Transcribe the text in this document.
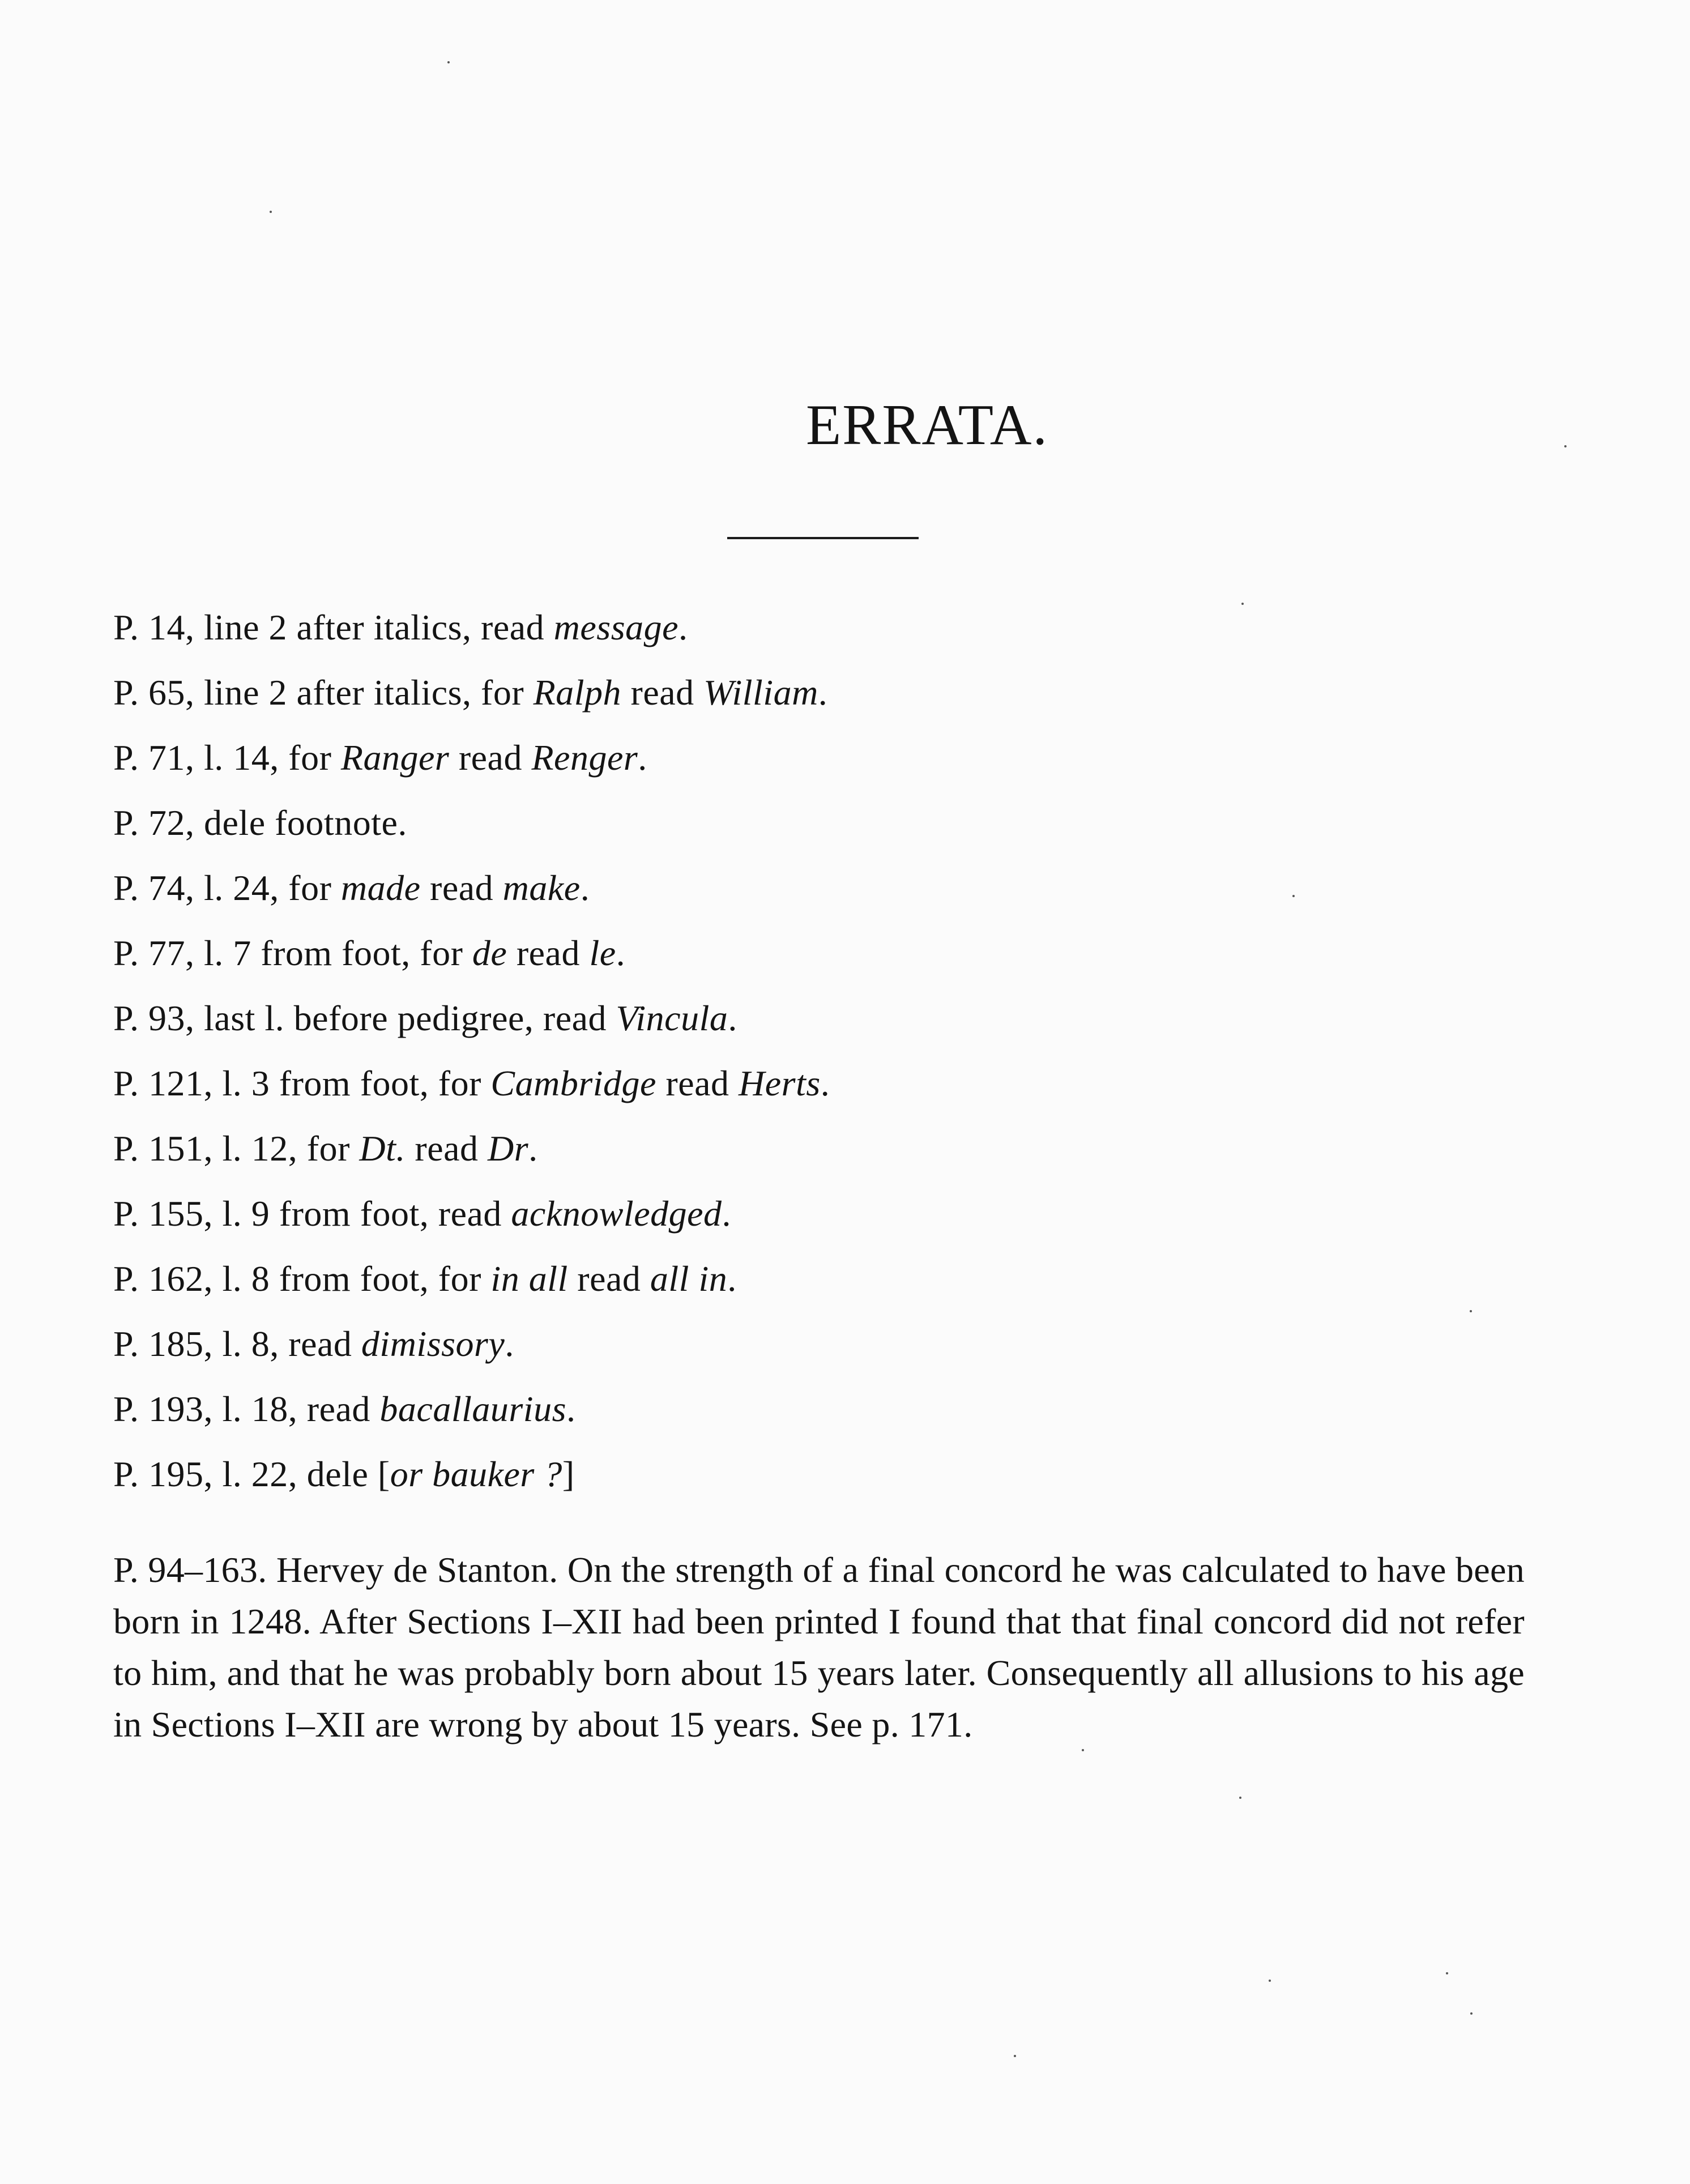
ERRATA.
P. 14, line 2 after italics, read message.
P. 65, line 2 after italics, for Ralph read William.
P. 71, l. 14, for Ranger read Renger.
P. 72, dele footnote.
P. 74, l. 24, for made read make.
P. 77, l. 7 from foot, for de read le.
P. 93, last l. before pedigree, read Vincula.
P. 121, l. 3 from foot, for Cambridge read Herts.
P. 151, l. 12, for Dt. read Dr.
P. 155, l. 9 from foot, read acknowledged.
P. 162, l. 8 from foot, for in all read all in.
P. 185, l. 8, read dimissory.
P. 193, l. 18, read bacallaurius.
P. 195, l. 22, dele [or bauker ?]

P. 94–163. Hervey de Stanton. On the strength of a final concord he was calculated to have been born in 1248. After Sections I–XII had been printed I found that that final concord did not refer to him, and that he was probably born about 15 years later. Consequently all allusions to his age in Sections I–XII are wrong by about 15 years. See p. 171.
